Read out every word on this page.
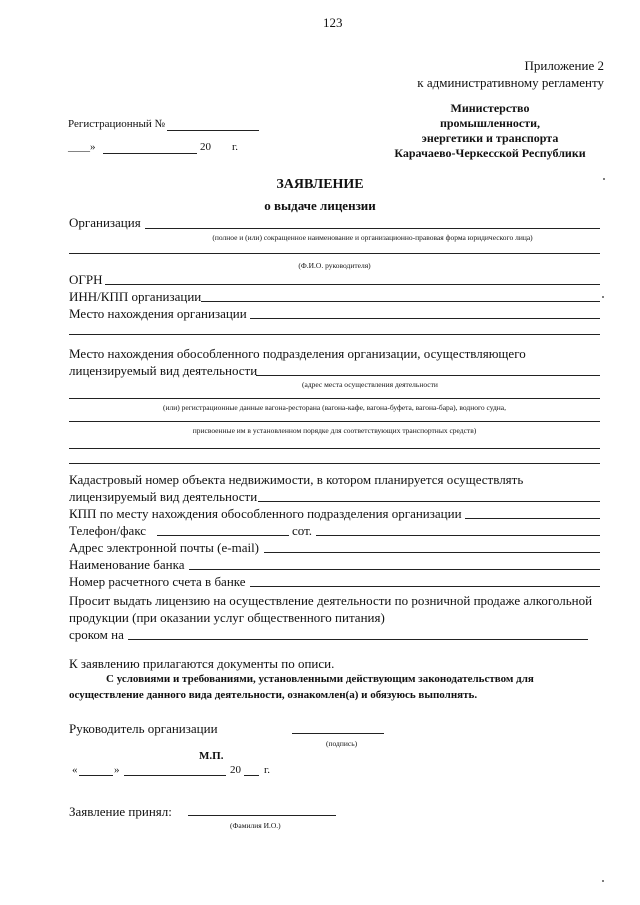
123
Приложение 2
к административному регламенту
Министерство
промышленности,
энергетики и транспорта
Карачаево-Черкесской Республики
Регистрационный №
____»	20 г.
ЗАЯВЛЕНИЕ
о выдаче лицензии
Организация
(полное и (или) сокращенное наименование и организационно-правовая форма юридического лица)
(Ф.И.О. руководителя)
ОГРН
ИНН/КПП организации
Место нахождения организации
Место нахождения обособленного подразделения организации, осуществляющего
лицензируемый вид деятельности
(адрес места осуществления деятельности
(или) регистрационные данные вагона-ресторана (вагона-кафе, вагона-буфета, вагона-бара), водного судна,
присвоенные им в установленном порядке для соответствующих транспортных средств)
Кадастровый номер объекта недвижимости, в котором планируется осуществлять
лицензируемый вид деятельности
КПП по месту нахождения обособленного подразделения организации
Телефон/факс	сот.
Адрес электронной почты (e-mail)
Наименование банка
Номер расчетного счета в банке
Просит выдать лицензию на осуществление деятельности по розничной продаже алкогольной
продукции (при оказании услуг общественного питания)
сроком на
К заявлению прилагаются документы по описи.
С условиями и требованиями, установленными действующим законодательством для
осуществление данного вида деятельности, ознакомлен(а) и обязуюсь выполнять.
Руководитель организации
(подпись)
М.П.
«	»	20 г.
Заявление принял:
(Фамилия И.О.)
